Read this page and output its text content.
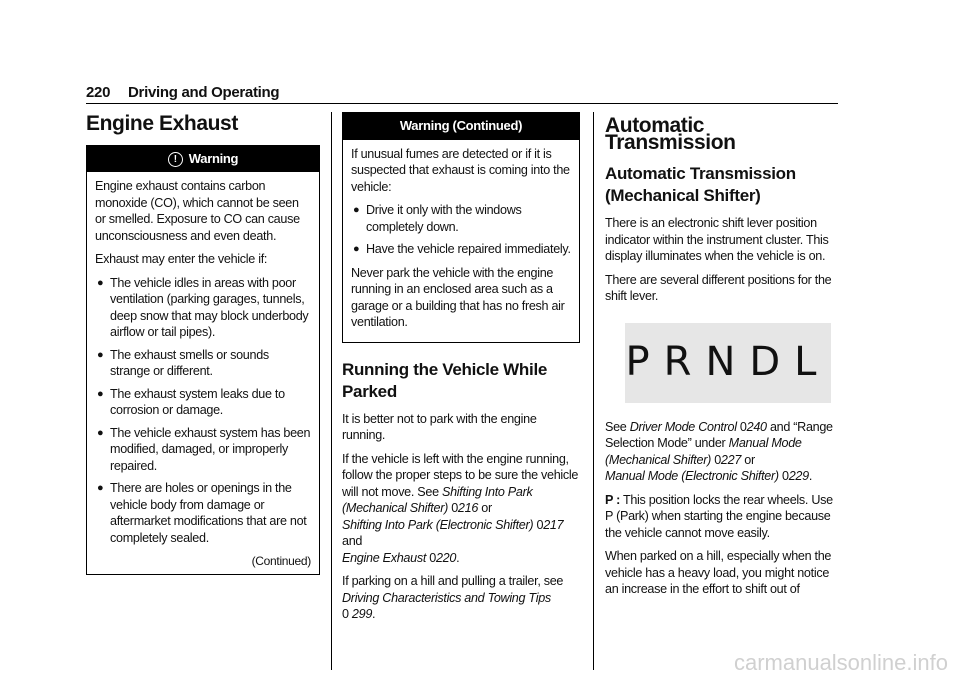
220 Driving and Operating
Engine Exhaust
! Warning

Engine exhaust contains carbon monoxide (CO), which cannot be seen or smelled. Exposure to CO can cause unconsciousness and even death.

Exhaust may enter the vehicle if:

● The vehicle idles in areas with poor ventilation (parking garages, tunnels, deep snow that may block underbody airflow or tail pipes).
● The exhaust smells or sounds strange or different.
● The exhaust system leaks due to corrosion or damage.
● The vehicle exhaust system has been modified, damaged, or improperly repaired.
● There are holes or openings in the vehicle body from damage or aftermarket modifications that are not completely sealed.
(Continued)
Warning (Continued)

If unusual fumes are detected or if it is suspected that exhaust is coming into the vehicle:

● Drive it only with the windows completely down.
● Have the vehicle repaired immediately.

Never park the vehicle with the engine running in an enclosed area such as a garage or a building that has no fresh air ventilation.

Running the Vehicle While Parked

It is better not to park with the engine running.

If the vehicle is left with the engine running, follow the proper steps to be sure the vehicle will not move. See Shifting Into Park (Mechanical Shifter) 0216 or
Shifting Into Park (Electronic Shifter) 0217
and
Engine Exhaust 0220.

If parking on a hill and pulling a trailer, see Driving Characteristics and Towing Tips
0 299.

Automatic Transmission
Automatic Transmission (Mechanical Shifter)

There is an electronic shift lever position indicator within the instrument cluster. This display illuminates when the vehicle is on.

There are several different positions for the shift lever.

PRNDL

See Driver Mode Control 0240 and “Range Selection Mode” under Manual Mode (Mechanical Shifter) 0227 or
Manual Mode (Electronic Shifter) 0229.

P : This position locks the rear wheels. Use P (Park) when starting the engine because the vehicle cannot move easily.

When parked on a hill, especially when the vehicle has a heavy load, you might notice an increase in the effort to shift out of

carmanualsonline.info
